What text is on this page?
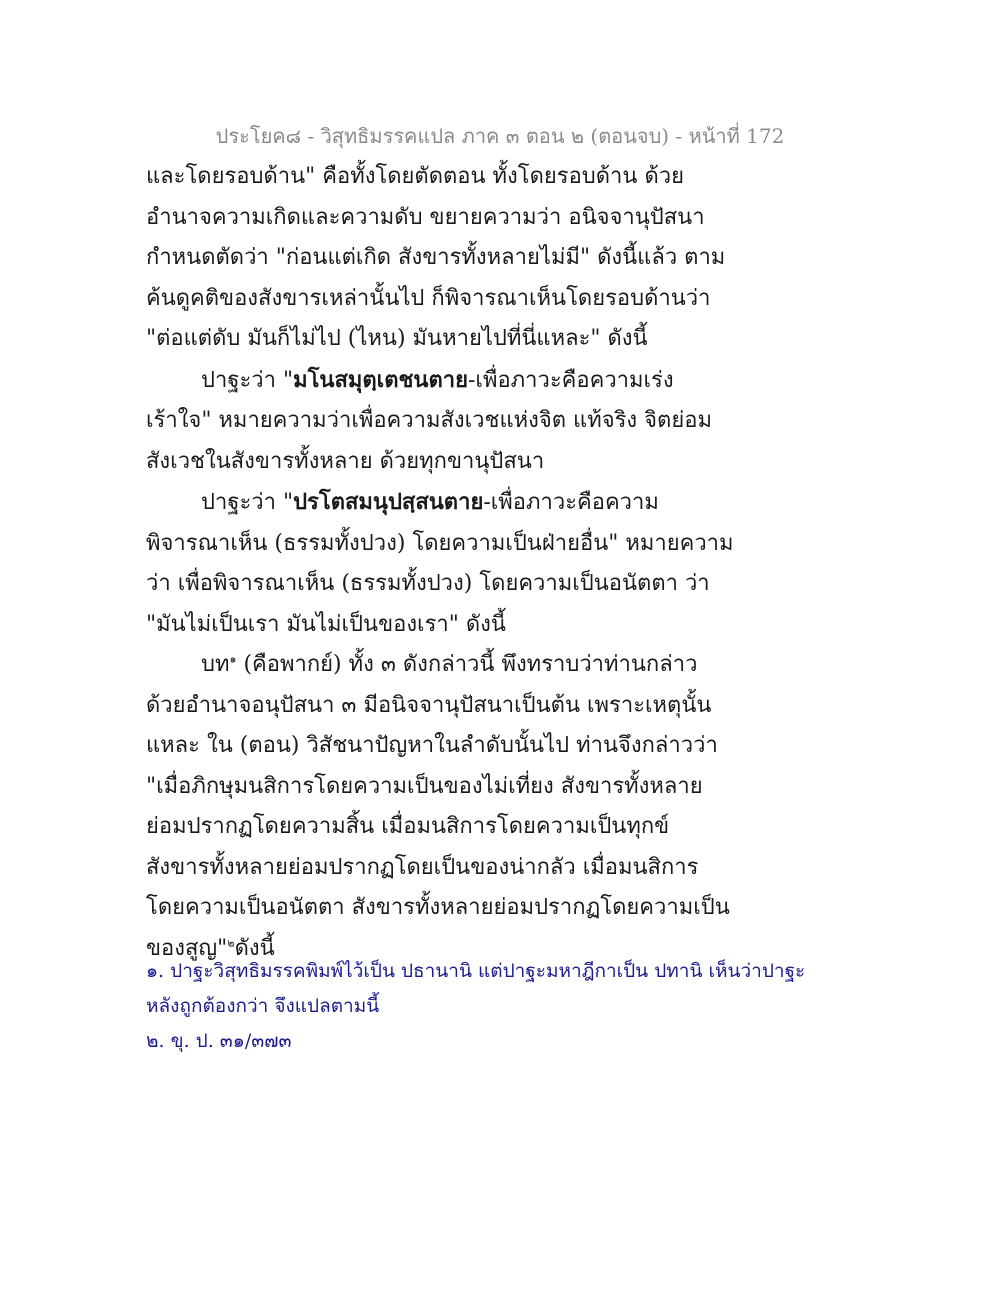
ประโยค๘ - วิสุทธิมรรคแปล ภาค ๓ ตอน ๒ (ตอนจบ) - หน้าที่ 172

และโดยรอบด้าน" คือทั้งโดยตัดตอน ทั้งโดยรอบด้าน ด้วยอำนาจความเกิดและความดับ ขยายความว่า อนิจจานุปัสนากำหนดตัดว่า "ก่อนแต่เกิด สังขารทั้งหลายไม่มี" ดังนี้แล้ว ตามค้นดูคติของสังขารเหล่านั้นไป ก็พิจารณาเห็นโดยรอบด้านว่า "ต่อแต่ดับ มันก็ไม่ไป (ไหน) มันหายไปที่นี่แหละ" ดังนี้

ปาฐะว่า "มโนสมุตฺเตชนตาย-เพื่อภาวะคือความเร่งเร้าใจ" หมายความว่าเพื่อความสังเวชแห่งจิต แท้จริง จิตย่อมสังเวชในสังขารทั้งหลาย ด้วยทุกขานุปัสนา

ปาฐะว่า "ปรโตสมนุปสฺสนตาย-เพื่อภาวะคือความพิจารณาเห็น (ธรรมทั้งปวง) โดยความเป็นฝ่ายอื่น" หมายความว่า เพื่อพิจารณาเห็น (ธรรมทั้งปวง) โดยความเป็นอนัตตา ว่า "มันไม่เป็นเรา มันไม่เป็นของเรา" ดังนี้

บท$^๑$ (คือพากย์) ทั้ง ๓ ดังกล่าวนี้ พึงทราบว่าท่านกล่าวด้วยอำนาจอนุปัสนา ๓ มีอนิจจานุปัสนาเป็นต้น เพราะเหตุนั้นแหละ ใน (ตอน) วิสัชนาปัญหาในลำดับนั้นไป ท่านจึงกล่าวว่า "เมื่อภิกษุมนสิการโดยความเป็นของไม่เที่ยง สังขารทั้งหลายย่อมปรากฏโดยความสิ้น เมื่อมนสิการโดยความเป็นทุกข์ สังขารทั้งหลายย่อมปรากฏโดยเป็นของน่ากลัว เมื่อมนสิการโดยความเป็นอนัตตา สังขารทั้งหลายย่อมปรากฏโดยความเป็นของสูญ"$^๒$ดังนี้

๑. ปาฐะวิสุทธิมรรคพิมพ์ไว้เป็น ปธานานิ แต่ปาฐะมหาฎีกาเป็น ปทานิ เห็นว่าปาฐะหลังถูกต้องกว่า จึงแปลตามนี้

๒. ขุ. ป. ๓๑/๓๗๓
